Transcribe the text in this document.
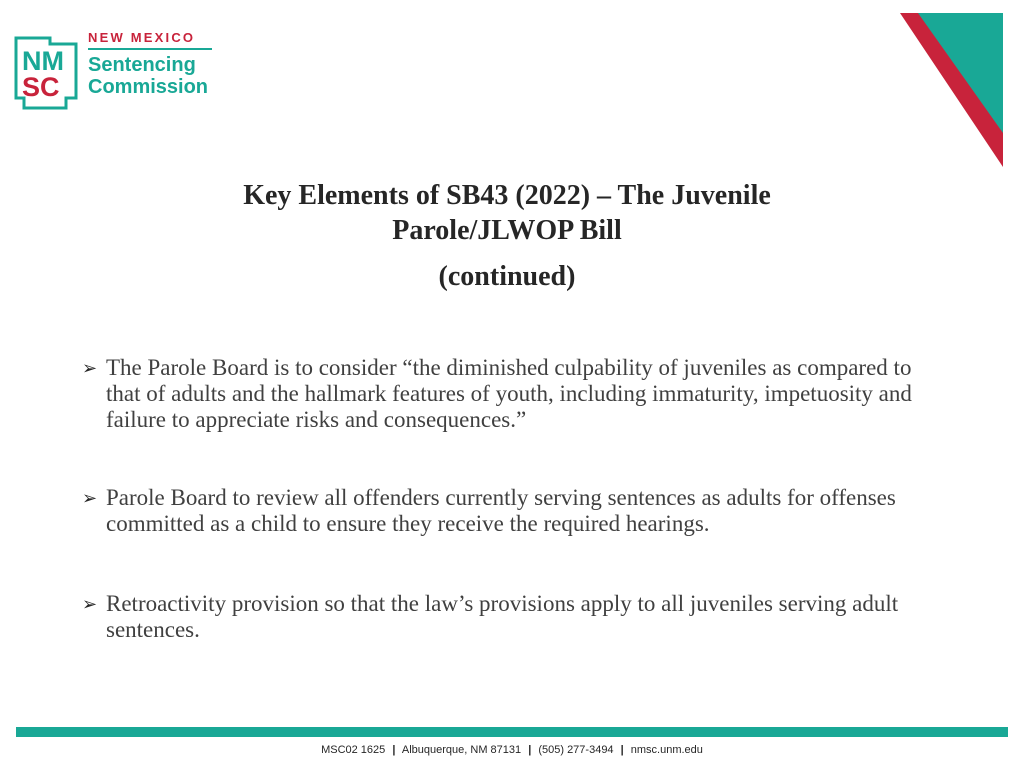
NM
SC
NEW MEXICO
Sentencing
Commission
Key Elements of SB43 (2022) – The Juvenile Parole/JLWOP Bill
(continued)
➢ The Parole Board is to consider “the diminished culpability of juveniles as compared to that of adults and the hallmark features of youth, including immaturity, impetuosity and failure to appreciate risks and consequences.”
➢ Parole Board to review all offenders currently serving sentences as adults for offenses committed as a child to ensure they receive the required hearings.
➢ Retroactivity provision so that the law’s provisions apply to all juveniles serving adult sentences.
MSC02 1625 | Albuquerque, NM 87131 | (505) 277-3494 | nmsc.unm.edu
